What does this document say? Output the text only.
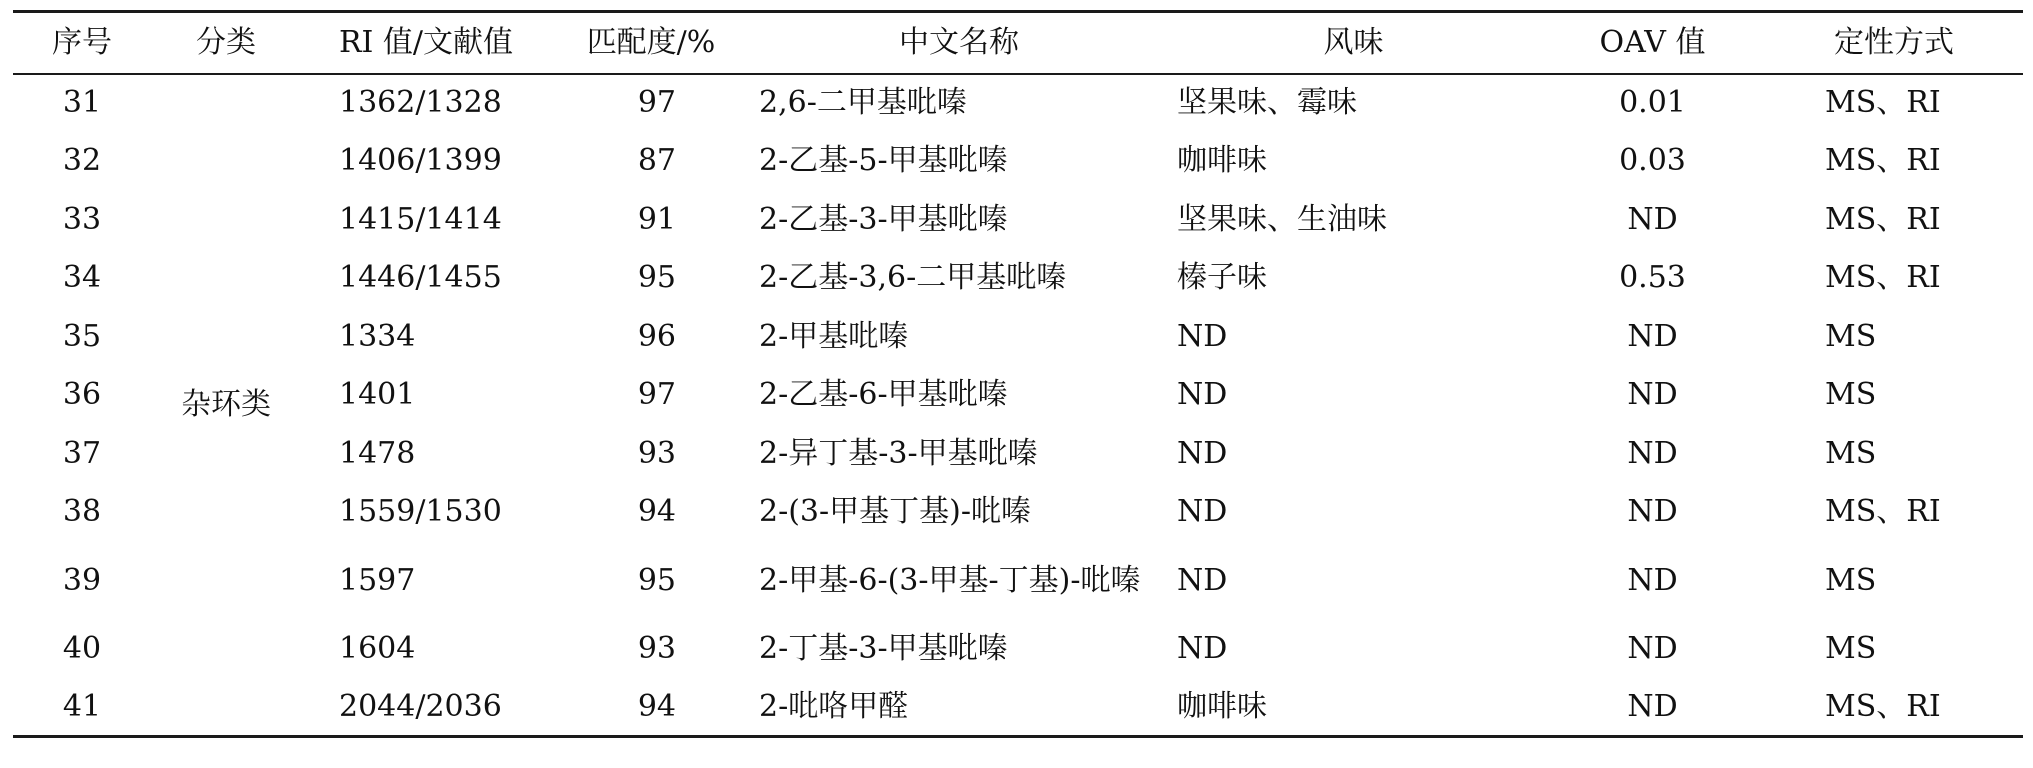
序号	分类	RI 值/文献值	匹配度/%	中文名称	风味	OAV 值	定性方式
31	杂环类	1362/1328	97	2,6-二甲基吡嗪	坚果味、霉味	0.01	MS、RI
32		1406/1399	87	2-乙基-5-甲基吡嗪	咖啡味	0.03	MS、RI
33		1415/1414	91	2-乙基-3-甲基吡嗪	坚果味、生油味	ND	MS、RI
34		1446/1455	95	2-乙基-3,6-二甲基吡嗪	榛子味	0.53	MS、RI
35		1334	96	2-甲基吡嗪	ND	ND	MS
36		1401	97	2-乙基-6-甲基吡嗪	ND	ND	MS
37		1478	93	2-异丁基-3-甲基吡嗪	ND	ND	MS
38		1559/1530	94	2-(3-甲基丁基)-吡嗪	ND	ND	MS、RI
39		1597	95	2-甲基-6-(3-甲基-丁基)-吡嗪	ND	ND	MS
40		1604	93	2-丁基-3-甲基吡嗪	ND	ND	MS
41		2044/2036	94	2-吡咯甲醛	咖啡味	ND	MS、RI
